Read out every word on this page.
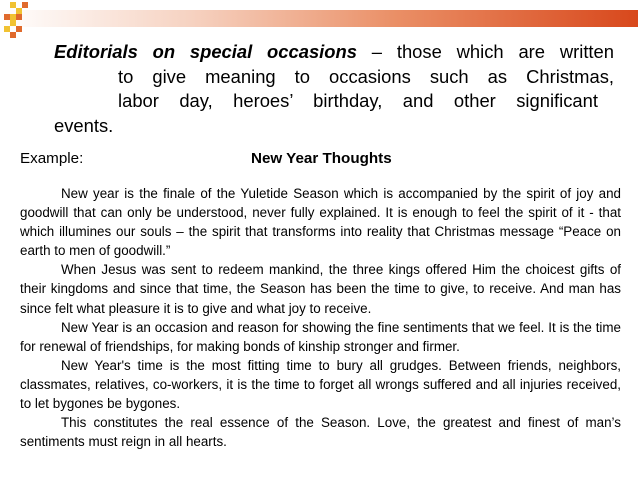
Editorials on special occasions – those which are written
to give meaning to occasions such as Christmas,
labor day, heroes’ birthday, and other significant
events.
Example:	New Year Thoughts

New year is the finale of the Yuletide Season which is accompanied by the spirit of joy and goodwill that can only be understood, never fully explained. It is enough to feel the spirit of it - that which illumines our souls – the spirit that transforms into reality that Christmas message “Peace on earth to men of goodwill.”

When Jesus was sent to redeem mankind, the three kings offered Him the choicest gifts of their kingdoms and since that time, the Season has been the time to give, to receive. And man has since felt what pleasure it is to give and what joy to receive.

New Year is an occasion and reason for showing the fine sentiments that we feel. It is the time for renewal of friendships, for making bonds of kinship stronger and firmer.

New Year's time is the most fitting time to bury all grudges. Between friends, neighbors, classmates, relatives, co-workers, it is the time to forget all wrongs suffered and all injuries received, to let bygones be bygones.

This constitutes the real essence of the Season. Love, the greatest and finest of man’s sentiments must reign in all hearts.
